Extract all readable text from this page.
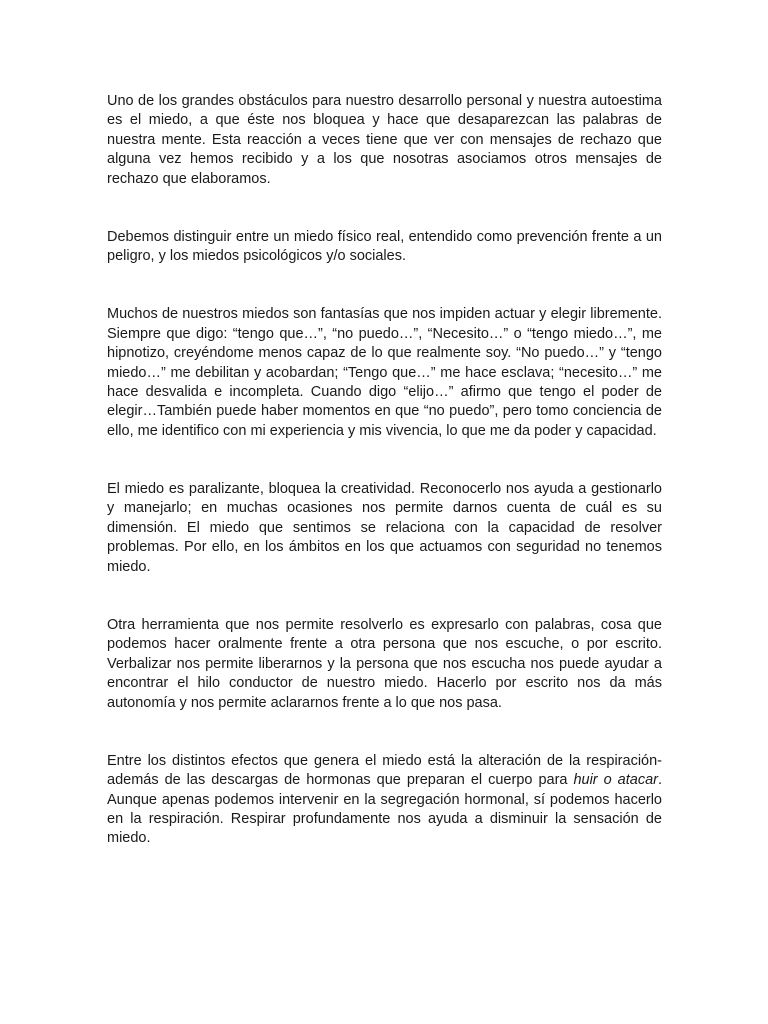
Uno de los grandes obstáculos para nuestro desarrollo personal y nuestra autoestima es el miedo, a que éste nos bloquea y hace que desaparezcan las palabras de nuestra mente. Esta reacción a veces tiene que ver con mensajes de rechazo que alguna vez hemos recibido y a los que nosotras asociamos otros mensajes de rechazo que elaboramos.

Debemos distinguir entre un miedo físico real, entendido como prevención frente a un peligro, y los miedos psicológicos y/o sociales.

Muchos de nuestros miedos son fantasías que nos impiden actuar y elegir libremente. Siempre que digo: “tengo que…”, “no puedo…”, “Necesito…” o “tengo miedo…”, me hipnotizo, creyéndome menos capaz de lo que realmente soy. “No puedo…” y “tengo miedo…” me debilitan y acobardan; “Tengo que…” me hace esclava; “necesito…” me hace desvalida e incompleta. Cuando digo “elijo…” afirmo que tengo el poder de elegir…También puede haber momentos en que “no puedo”, pero tomo conciencia de ello, me identifico con mi experiencia y mis vivencia, lo que me da poder y capacidad.

El miedo es paralizante, bloquea la creatividad. Reconocerlo nos ayuda a gestionarlo y manejarlo; en muchas ocasiones nos permite darnos cuenta de cuál es su dimensión. El miedo que sentimos se relaciona con la capacidad de resolver problemas. Por ello, en los ámbitos en los que actuamos con seguridad no tenemos miedo.

Otra herramienta que nos permite resolverlo es expresarlo con palabras, cosa que podemos hacer oralmente frente a otra persona que nos escuche, o por escrito. Verbalizar nos permite liberarnos y la persona que nos escucha nos puede ayudar a encontrar el hilo conductor de nuestro miedo. Hacerlo por escrito nos da más autonomía y nos permite aclararnos frente a lo que nos pasa.

Entre los distintos efectos que genera el miedo está la alteración de la respiración- además de las descargas de hormonas que preparan el cuerpo para huir o atacar. Aunque apenas podemos intervenir en la segregación hormonal, sí podemos hacerlo en la respiración. Respirar profundamente nos ayuda a disminuir la sensación de miedo.
